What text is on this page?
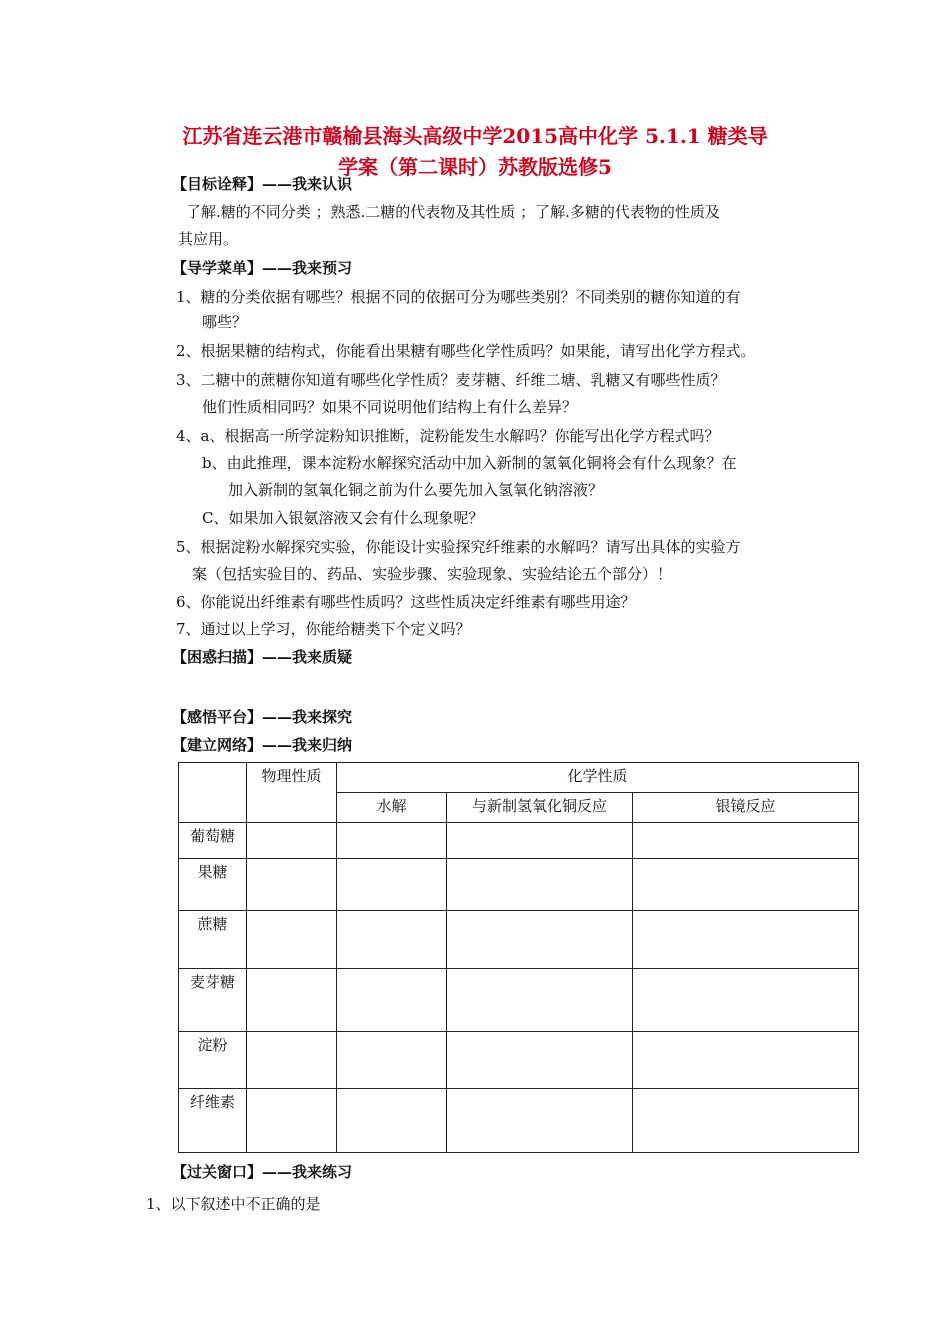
江苏省连云港市赣榆县海头高级中学2015高中化学 5.1.1 糖类导
学案（第二课时）苏教版选修5
【目标诠释】——我来认识
了解.糖的不同分类 ；熟悉.二糖的代表物及其性质 ；了解.多糖的代表物的性质及
其应用。
【导学菜单】——我来预习
1、糖的分类依据有哪些？根据不同的依据可分为哪些类别？不同类别的糖你知道的有
哪些？
2、根据果糖的结构式，你能看出果糖有哪些化学性质吗？如果能，请写出化学方程式。
3、二糖中的蔗糖你知道有哪些化学性质？麦芽糖、纤维二塘、乳糖又有哪些性质？
他们性质相同吗？如果不同说明他们结构上有什么差异？
4、a、根据高一所学淀粉知识推断，淀粉能发生水解吗？你能写出化学方程式吗？
b、由此推理，课本淀粉水解探究活动中加入新制的氢氧化铜将会有什么现象？在
加入新制的氢氧化铜之前为什么要先加入氢氧化钠溶液？
C、如果加入银氨溶液又会有什么现象呢？
5、根据淀粉水解探究实验，你能设计实验探究纤维素的水解吗？请写出具体的实验方
案（包括实验目的、药品、实验步骤、实验现象、实验结论五个部分）！
6、你能说出纤维素有哪些性质吗？这些性质决定纤维素有哪些用途？
7、通过以上学习，你能给糖类下个定义吗？
【困惑扫描】——我来质疑
【感悟平台】——我来探究
【建立网络】——我来归纳
	物理性质	化学性质		
		水解	与新制氢氧化铜反应	银镜反应
葡萄糖				
果糖				
蔗糖				
麦芽糖				
淀粉				
纤维素				
【过关窗口】——我来练习
1、以下叙述中不正确的是
